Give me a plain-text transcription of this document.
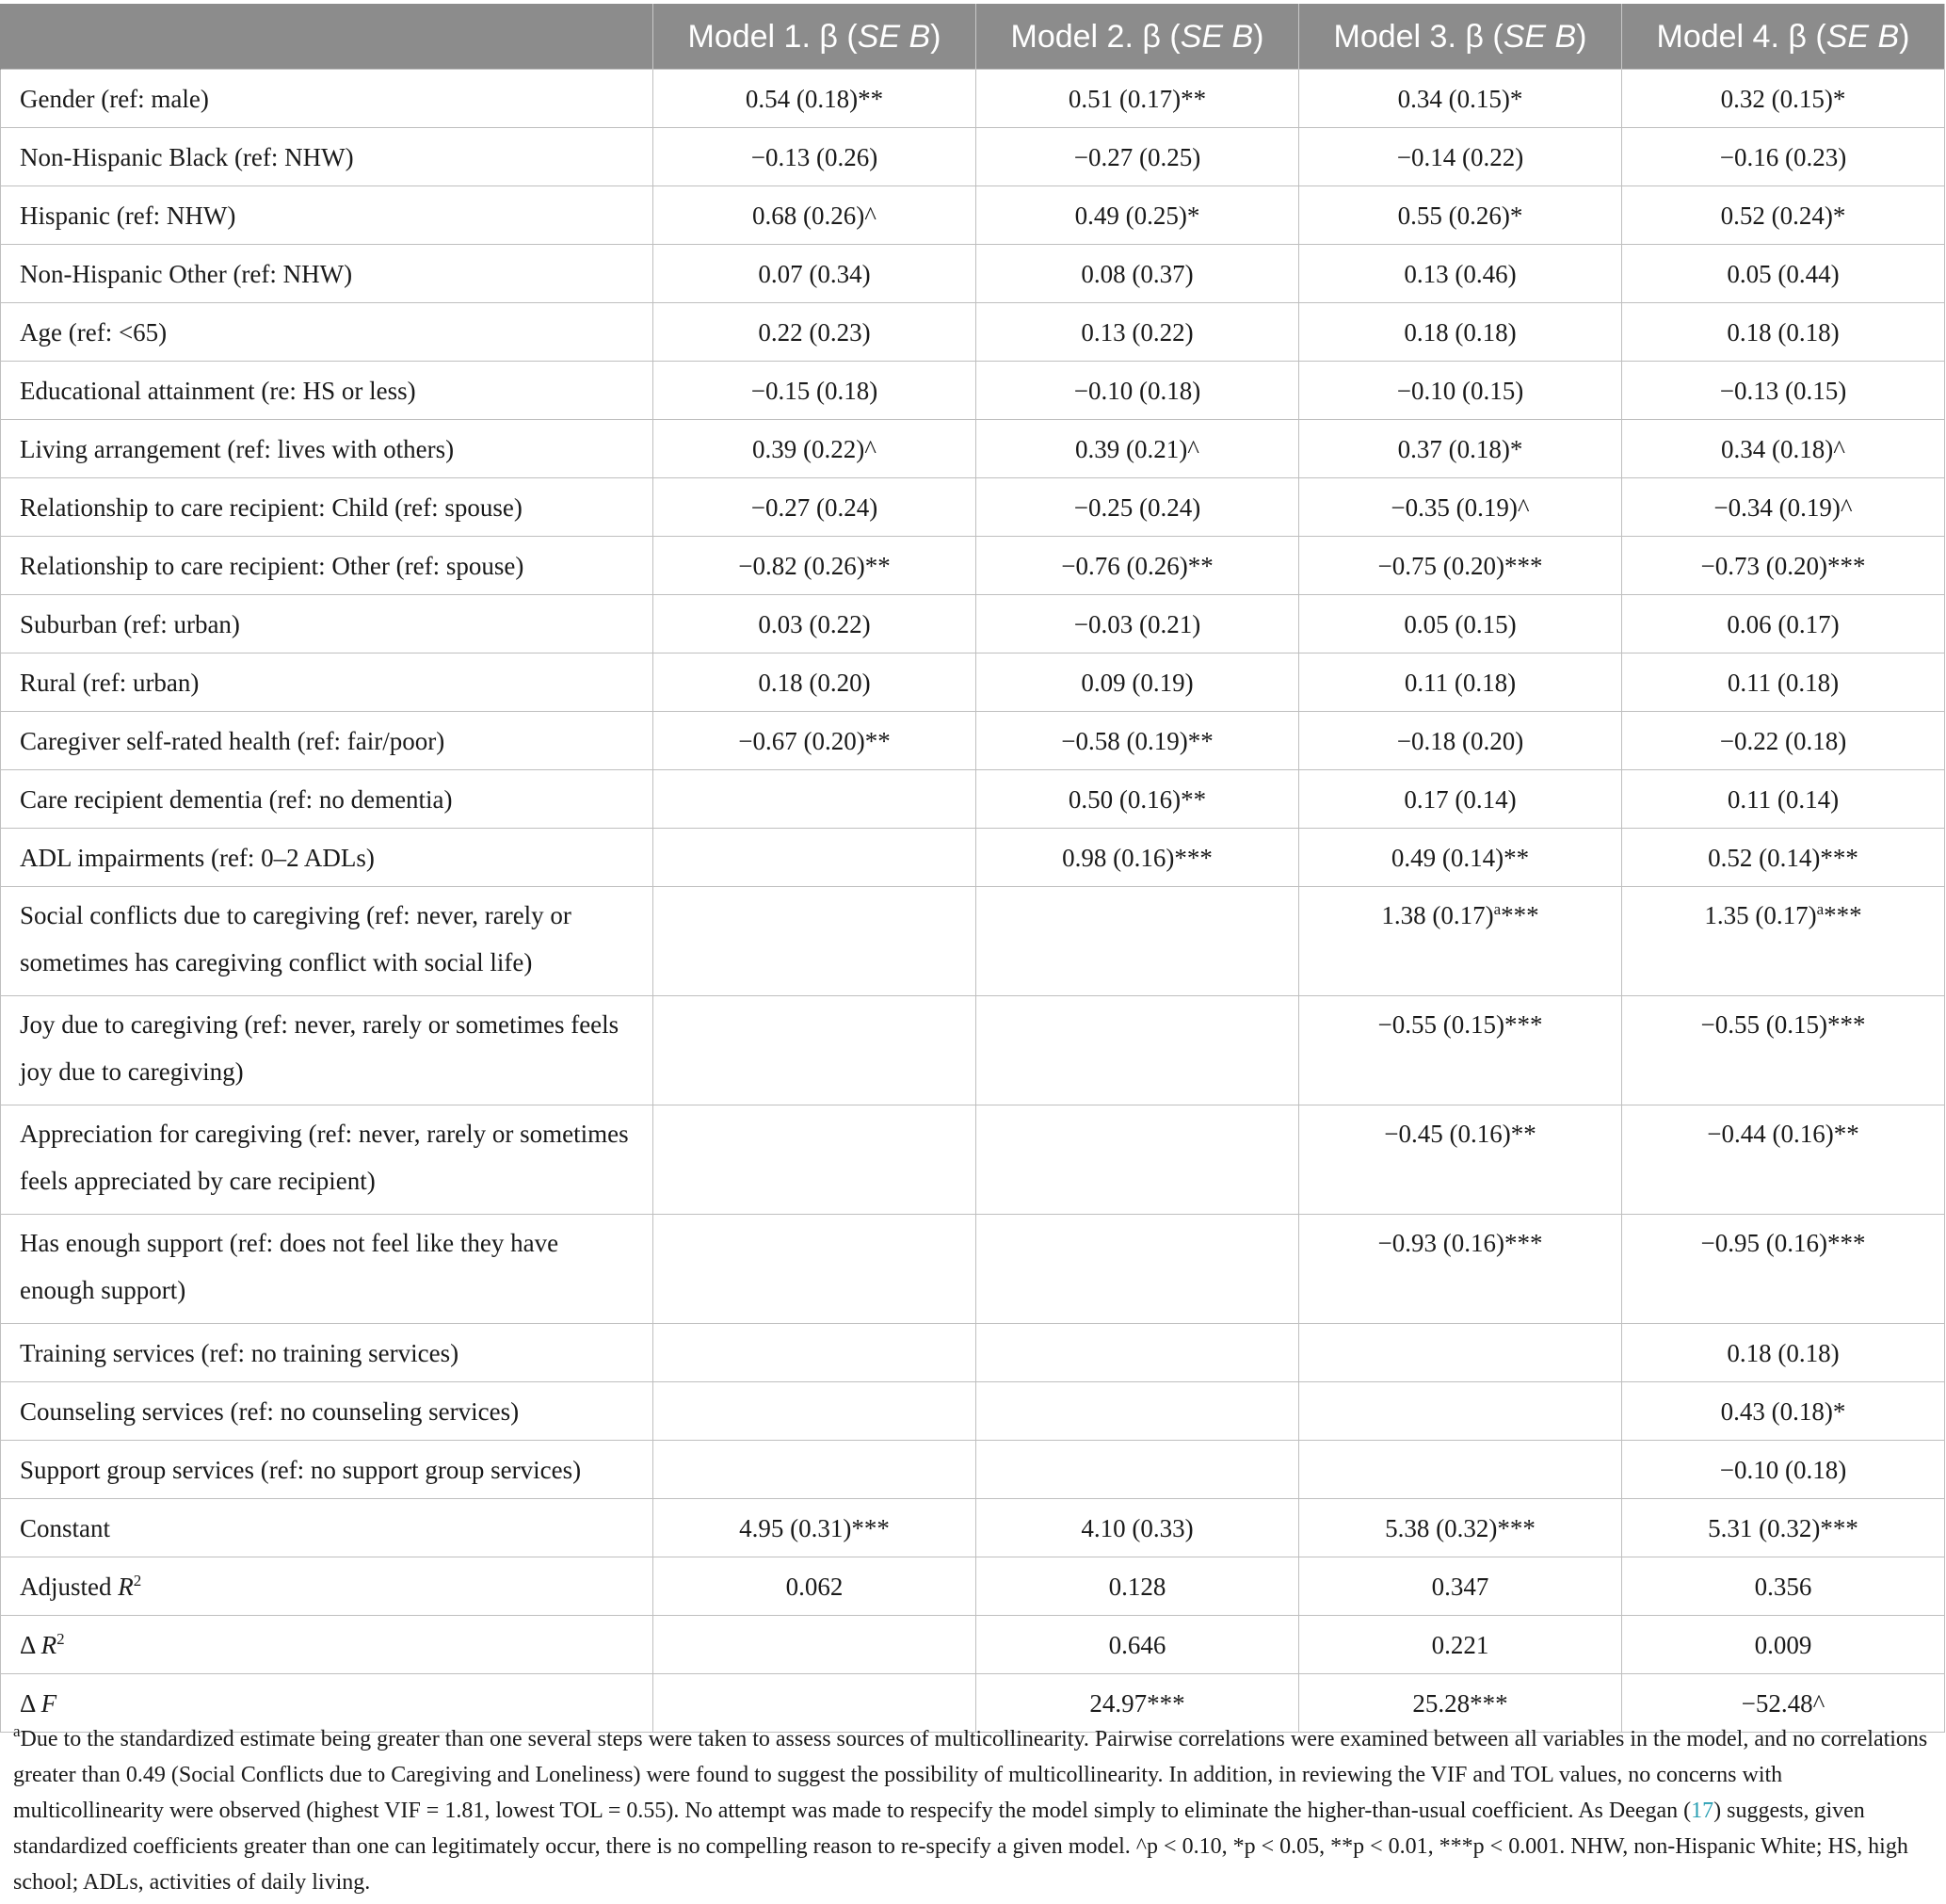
	Model 1. β (SE B)	Model 2. β (SE B)	Model 3. β (SE B)	Model 4. β (SE B)
Gender (ref: male)	0.54 (0.18)**	0.51 (0.17)**	0.34 (0.15)*	0.32 (0.15)*
Non-Hispanic Black (ref: NHW)	−0.13 (0.26)	−0.27 (0.25)	−0.14 (0.22)	−0.16 (0.23)
Hispanic (ref: NHW)	0.68 (0.26)^	0.49 (0.25)*	0.55 (0.26)*	0.52 (0.24)*
Non-Hispanic Other (ref: NHW)	0.07 (0.34)	0.08 (0.37)	0.13 (0.46)	0.05 (0.44)
Age (ref: <65)	0.22 (0.23)	0.13 (0.22)	0.18 (0.18)	0.18 (0.18)
Educational attainment (re: HS or less)	−0.15 (0.18)	−0.10 (0.18)	−0.10 (0.15)	−0.13 (0.15)
Living arrangement (ref: lives with others)	0.39 (0.22)^	0.39 (0.21)^	0.37 (0.18)*	0.34 (0.18)^
Relationship to care recipient: Child (ref: spouse)	−0.27 (0.24)	−0.25 (0.24)	−0.35 (0.19)^	−0.34 (0.19)^
Relationship to care recipient: Other (ref: spouse)	−0.82 (0.26)**	−0.76 (0.26)**	−0.75 (0.20)***	−0.73 (0.20)***
Suburban (ref: urban)	0.03 (0.22)	−0.03 (0.21)	0.05 (0.15)	0.06 (0.17)
Rural (ref: urban)	0.18 (0.20)	0.09 (0.19)	0.11 (0.18)	0.11 (0.18)
Caregiver self-rated health (ref: fair/poor)	−0.67 (0.20)**	−0.58 (0.19)**	−0.18 (0.20)	−0.22 (0.18)
Care recipient dementia (ref: no dementia)		0.50 (0.16)**	0.17 (0.14)	0.11 (0.14)
ADL impairments (ref: 0–2 ADLs)		0.98 (0.16)***	0.49 (0.14)**	0.52 (0.14)***
Social conflicts due to caregiving (ref: never, rarely or sometimes has caregiving conflict with social life)			1.38 $(0.17)^a***$	1.35 $(0.17)^a***$
Joy due to caregiving (ref: never, rarely or sometimes feels joy due to caregiving)			−0.55 (0.15)***	−0.55 (0.15)***
Appreciation for caregiving (ref: never, rarely or sometimes feels appreciated by care recipient)			−0.45 (0.16)**	−0.44 (0.16)**
Has enough support (ref: does not feel like they have enough support)			−0.93 (0.16)***	−0.95 (0.16)***
Training services (ref: no training services)				0.18 (0.18)
Counseling services (ref: no counseling services)				0.43 (0.18)*
Support group services (ref: no support group services)				−0.10 (0.18)
Constant	4.95 (0.31)***	4.10 (0.33)	5.38 (0.32)***	5.31 (0.32)***
Adjusted $R^2$	0.062	0.128	0.347	0.356
Δ $R^2$		0.646	0.221	0.009
Δ F		24.97***	25.28***	−52.48^

$^a$Due to the standardized estimate being greater than one several steps were taken to assess sources of multicollinearity. Pairwise correlations were examined between all variables in the model, and no correlations greater than 0.49 (Social Conflicts due to Caregiving and Loneliness) were found to suggest the possibility of multicollinearity. In addition, in reviewing the VIF and TOL values, no concerns with multicollinearity were observed (highest VIF = 1.81, lowest TOL = 0.55). No attempt was made to respecify the model simply to eliminate the higher-than-usual coefficient. As Deegan (17) suggests, given standardized coefficients greater than one can legitimately occur, there is no compelling reason to re-specify a given model. ^p < 0.10, *p < 0.05, **p < 0.01, ***p < 0.001. NHW, non-Hispanic White; HS, high school; ADLs, activities of daily living.
